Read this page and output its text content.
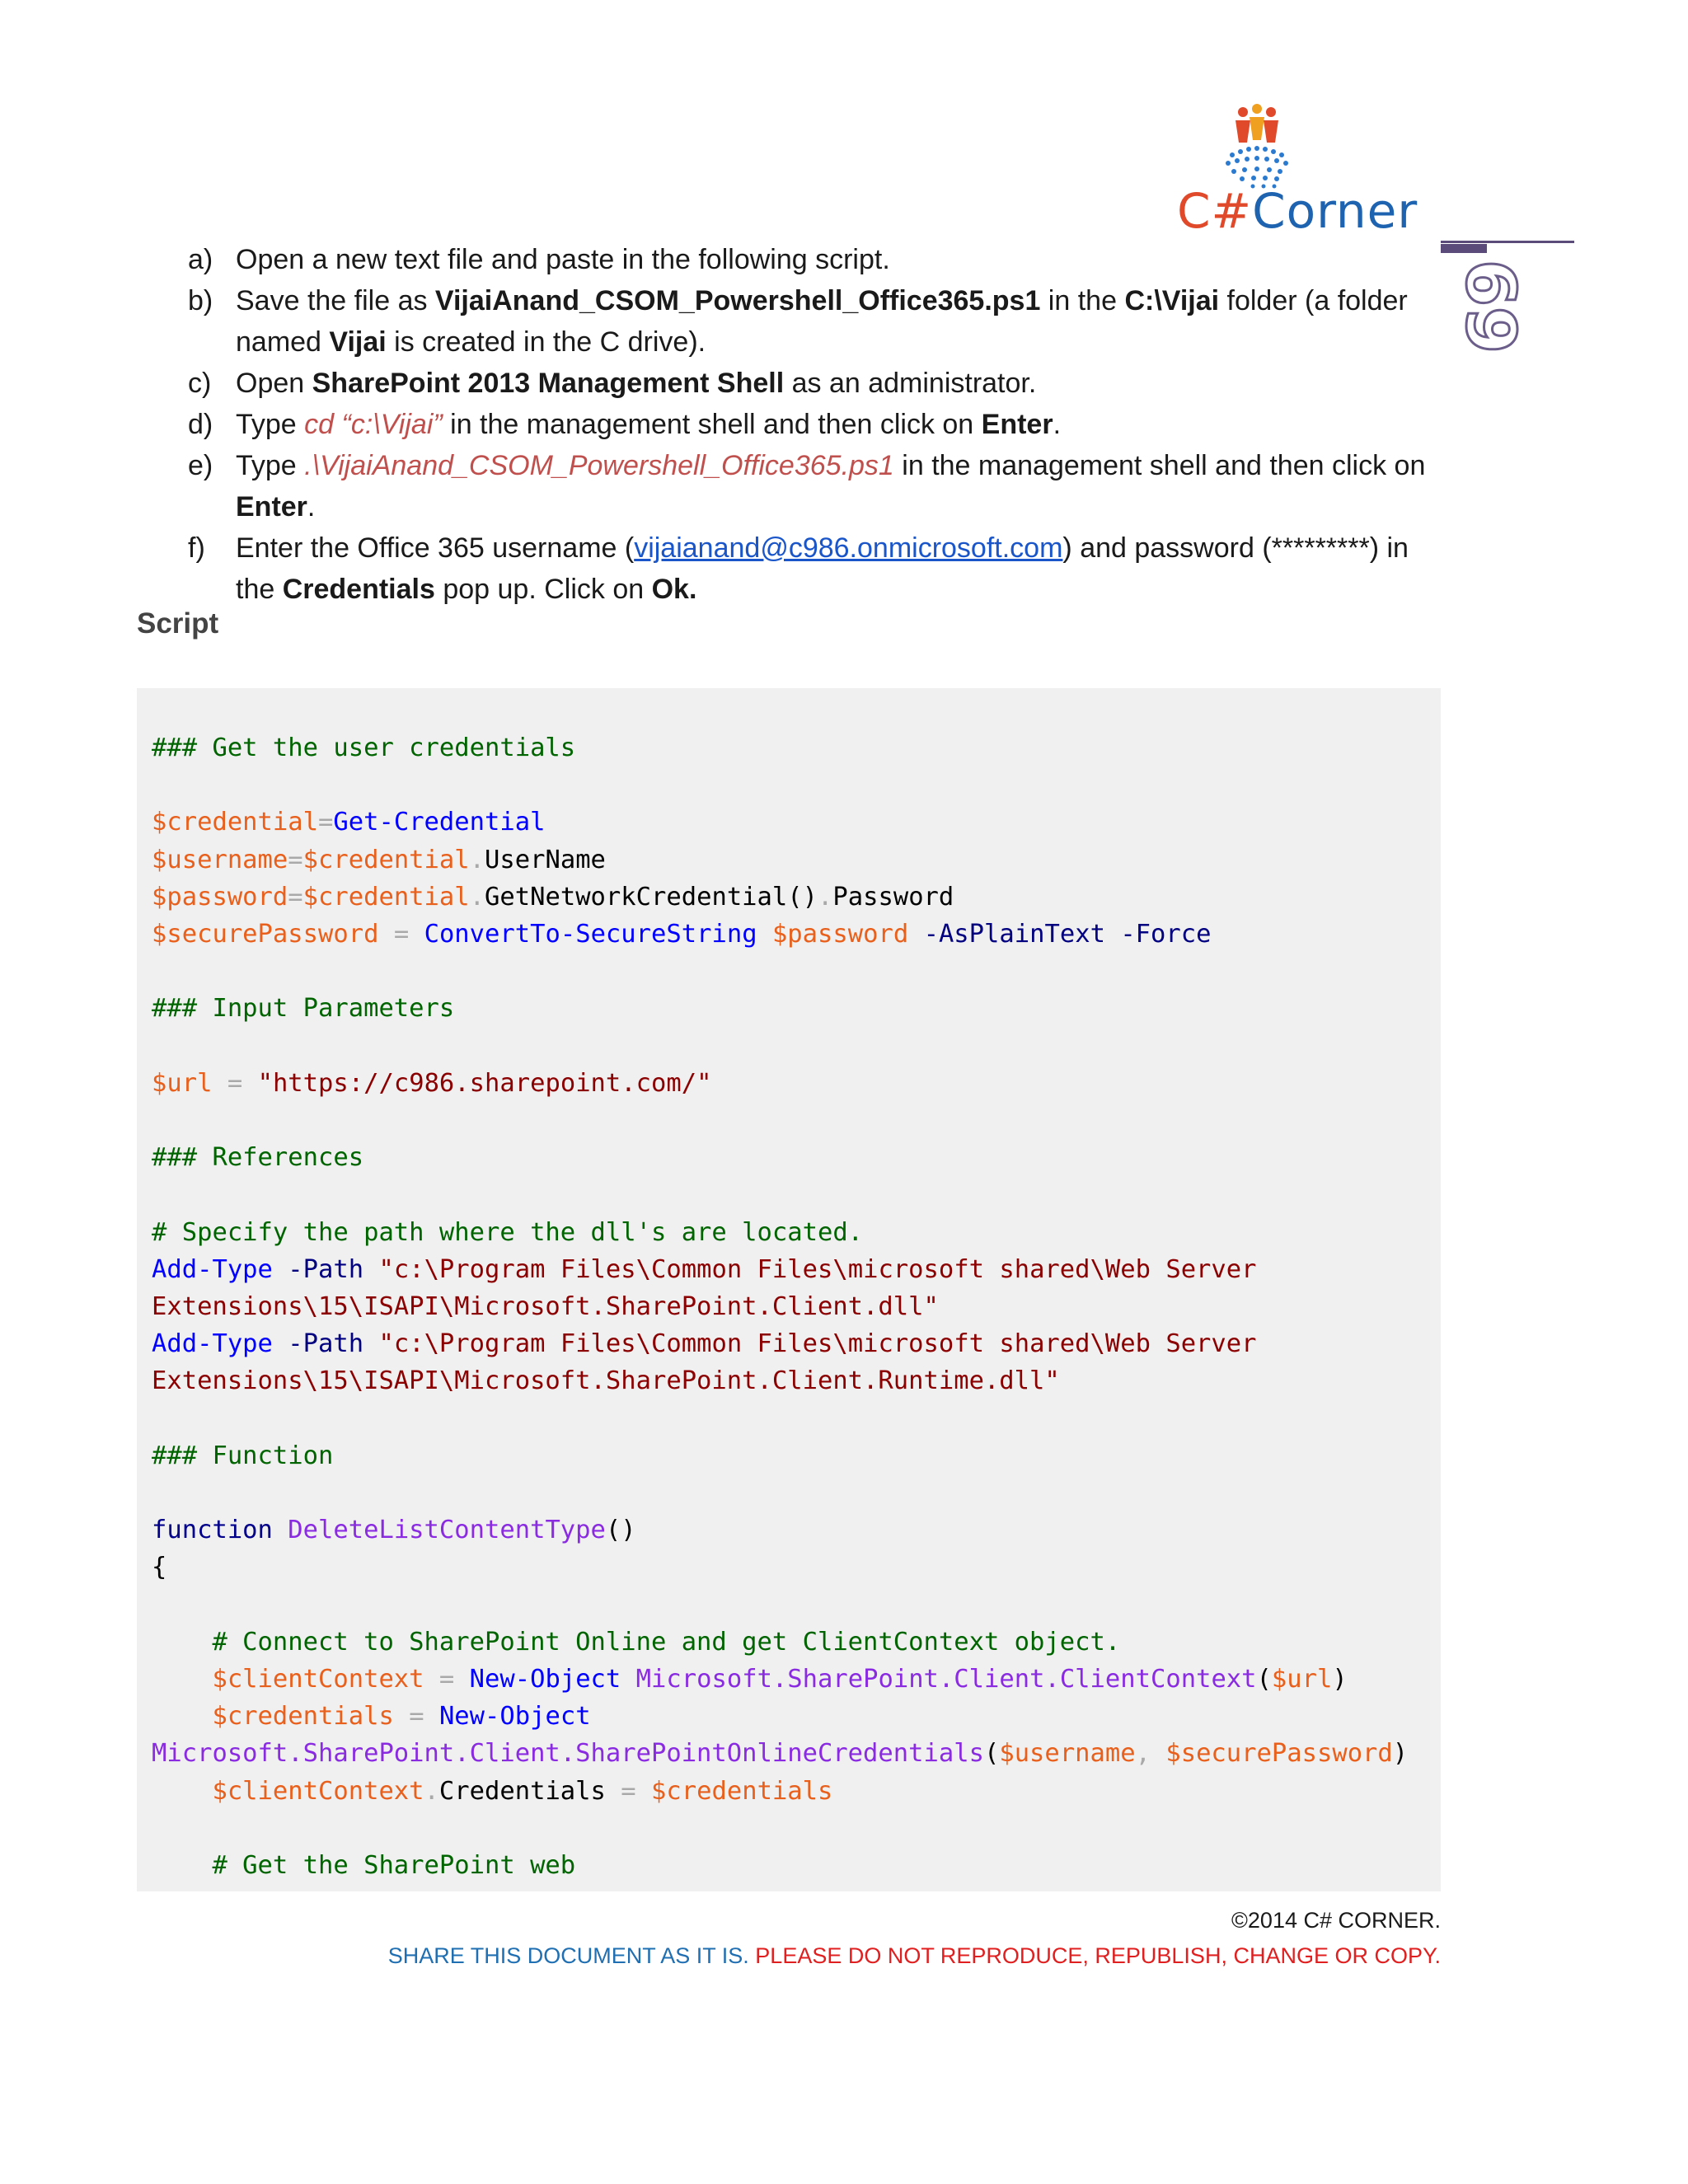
C#Corner
69
a) Open a new text file and paste in the following script.
b) Save the file as VijaiAnand_CSOM_Powershell_Office365.ps1 in the C:\Vijai folder (a folder named Vijai is created in the C drive).
c) Open SharePoint 2013 Management Shell as an administrator.
d) Type cd “c:\Vijai” in the management shell and then click on Enter.
e) Type .\VijaiAnand_CSOM_Powershell_Office365.ps1 in the management shell and then click on Enter.
f)	Enter the Office 365 username (vijaianand@c986.onmicrosoft.com) and password (*********) in the Credentials pop up. Click on Ok.
Script
### Get the user credentials

$credential=Get-Credential
$username=$credential.UserName
$password=$credential.GetNetworkCredential().Password
$securePassword = ConvertTo-SecureString $password -AsPlainText -Force

### Input Parameters

$url = "https://c986.sharepoint.com/"

### References

# Specify the path where the dll's are located.
Add-Type -Path "c:\Program Files\Common Files\microsoft shared\Web Server
Extensions\15\ISAPI\Microsoft.SharePoint.Client.dll"
Add-Type -Path "c:\Program Files\Common Files\microsoft shared\Web Server
Extensions\15\ISAPI\Microsoft.SharePoint.Client.Runtime.dll"

### Function

function DeleteListContentType()
{

# Connect to SharePoint Online and get ClientContext object.
$clientContext = New-Object Microsoft.SharePoint.Client.ClientContext($url)
$credentials = New-Object
Microsoft.SharePoint.Client.SharePointOnlineCredentials($username, $securePassword)
$clientContext.Credentials = $credentials

# Get the SharePoint web
©2014 C# CORNER.
SHARE THIS DOCUMENT AS IT IS. PLEASE DO NOT REPRODUCE, REPUBLISH, CHANGE OR COPY.
